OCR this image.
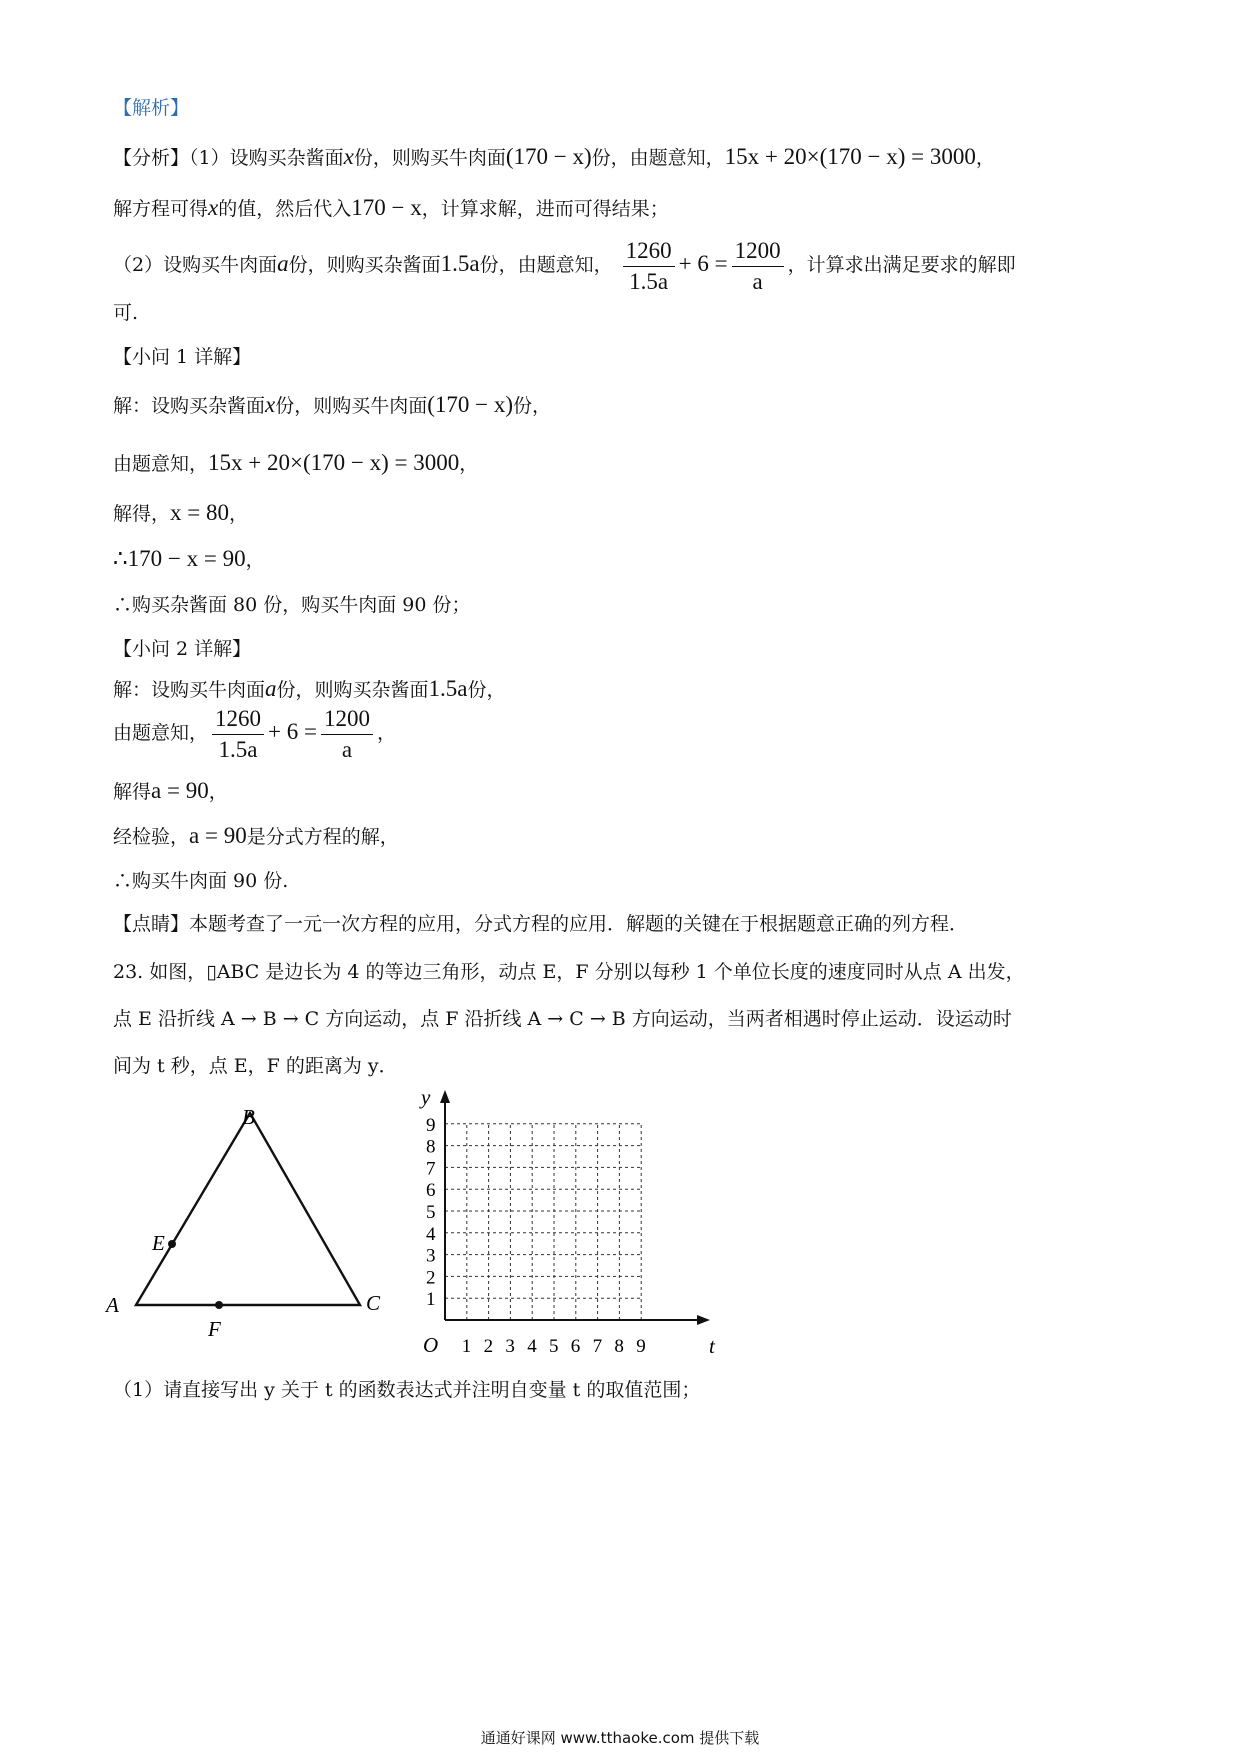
【解析】
【分析】（1）设购买杂酱面x份，则购买牛肉面(170 − x)份，由题意知，15x + 20×(170 − x) = 3000，
解方程可得x的值，然后代入170 − x，计算求解，进而可得结果；
（2）设购买牛肉面a份，则购买杂酱面1.5a份，由题意知， $\frac{1260}{1.5a} + 6 = \frac{1200}{a}$ ，计算求出满足要求的解即
可.
【小问 1 详解】
解：设购买杂酱面x份，则购买牛肉面(170 − x)份，
由题意知，15x + 20×(170 − x) = 3000，
解得，x = 80，
∴170 − x = 90，
∴购买杂酱面 80 份，购买牛肉面 90 份；
【小问 2 详解】
解：设购买牛肉面a份，则购买杂酱面1.5a份，
由题意知， $\frac{1260}{1.5a} + 6 = \frac{1200}{a}$ ，
解得a = 90，
经检验，a = 90是分式方程的解，
∴购买牛肉面 90 份.
【点睛】本题考查了一元一次方程的应用，分式方程的应用．解题的关键在于根据题意正确的列方程．
23. 如图，▯ABC 是边长为 4 的等边三角形，动点 E，F 分别以每秒 1 个单位长度的速度同时从点 A 出发，
点 E 沿折线 A → B → C 方向运动，点 F 沿折线 A → C → B 方向运动，当两者相遇时停止运动．设运动时
间为 t 秒，点 E，F 的距离为 y．
B
A	C
E
F
y
t
O
1
2
3
4
5
6
7
8
9
1 2 3 4 5 6 7 8 9
（1）请直接写出 y 关于 t 的函数表达式并注明自变量 t 的取值范围；
通通好课网 www.tthaoke.com 提供下载
